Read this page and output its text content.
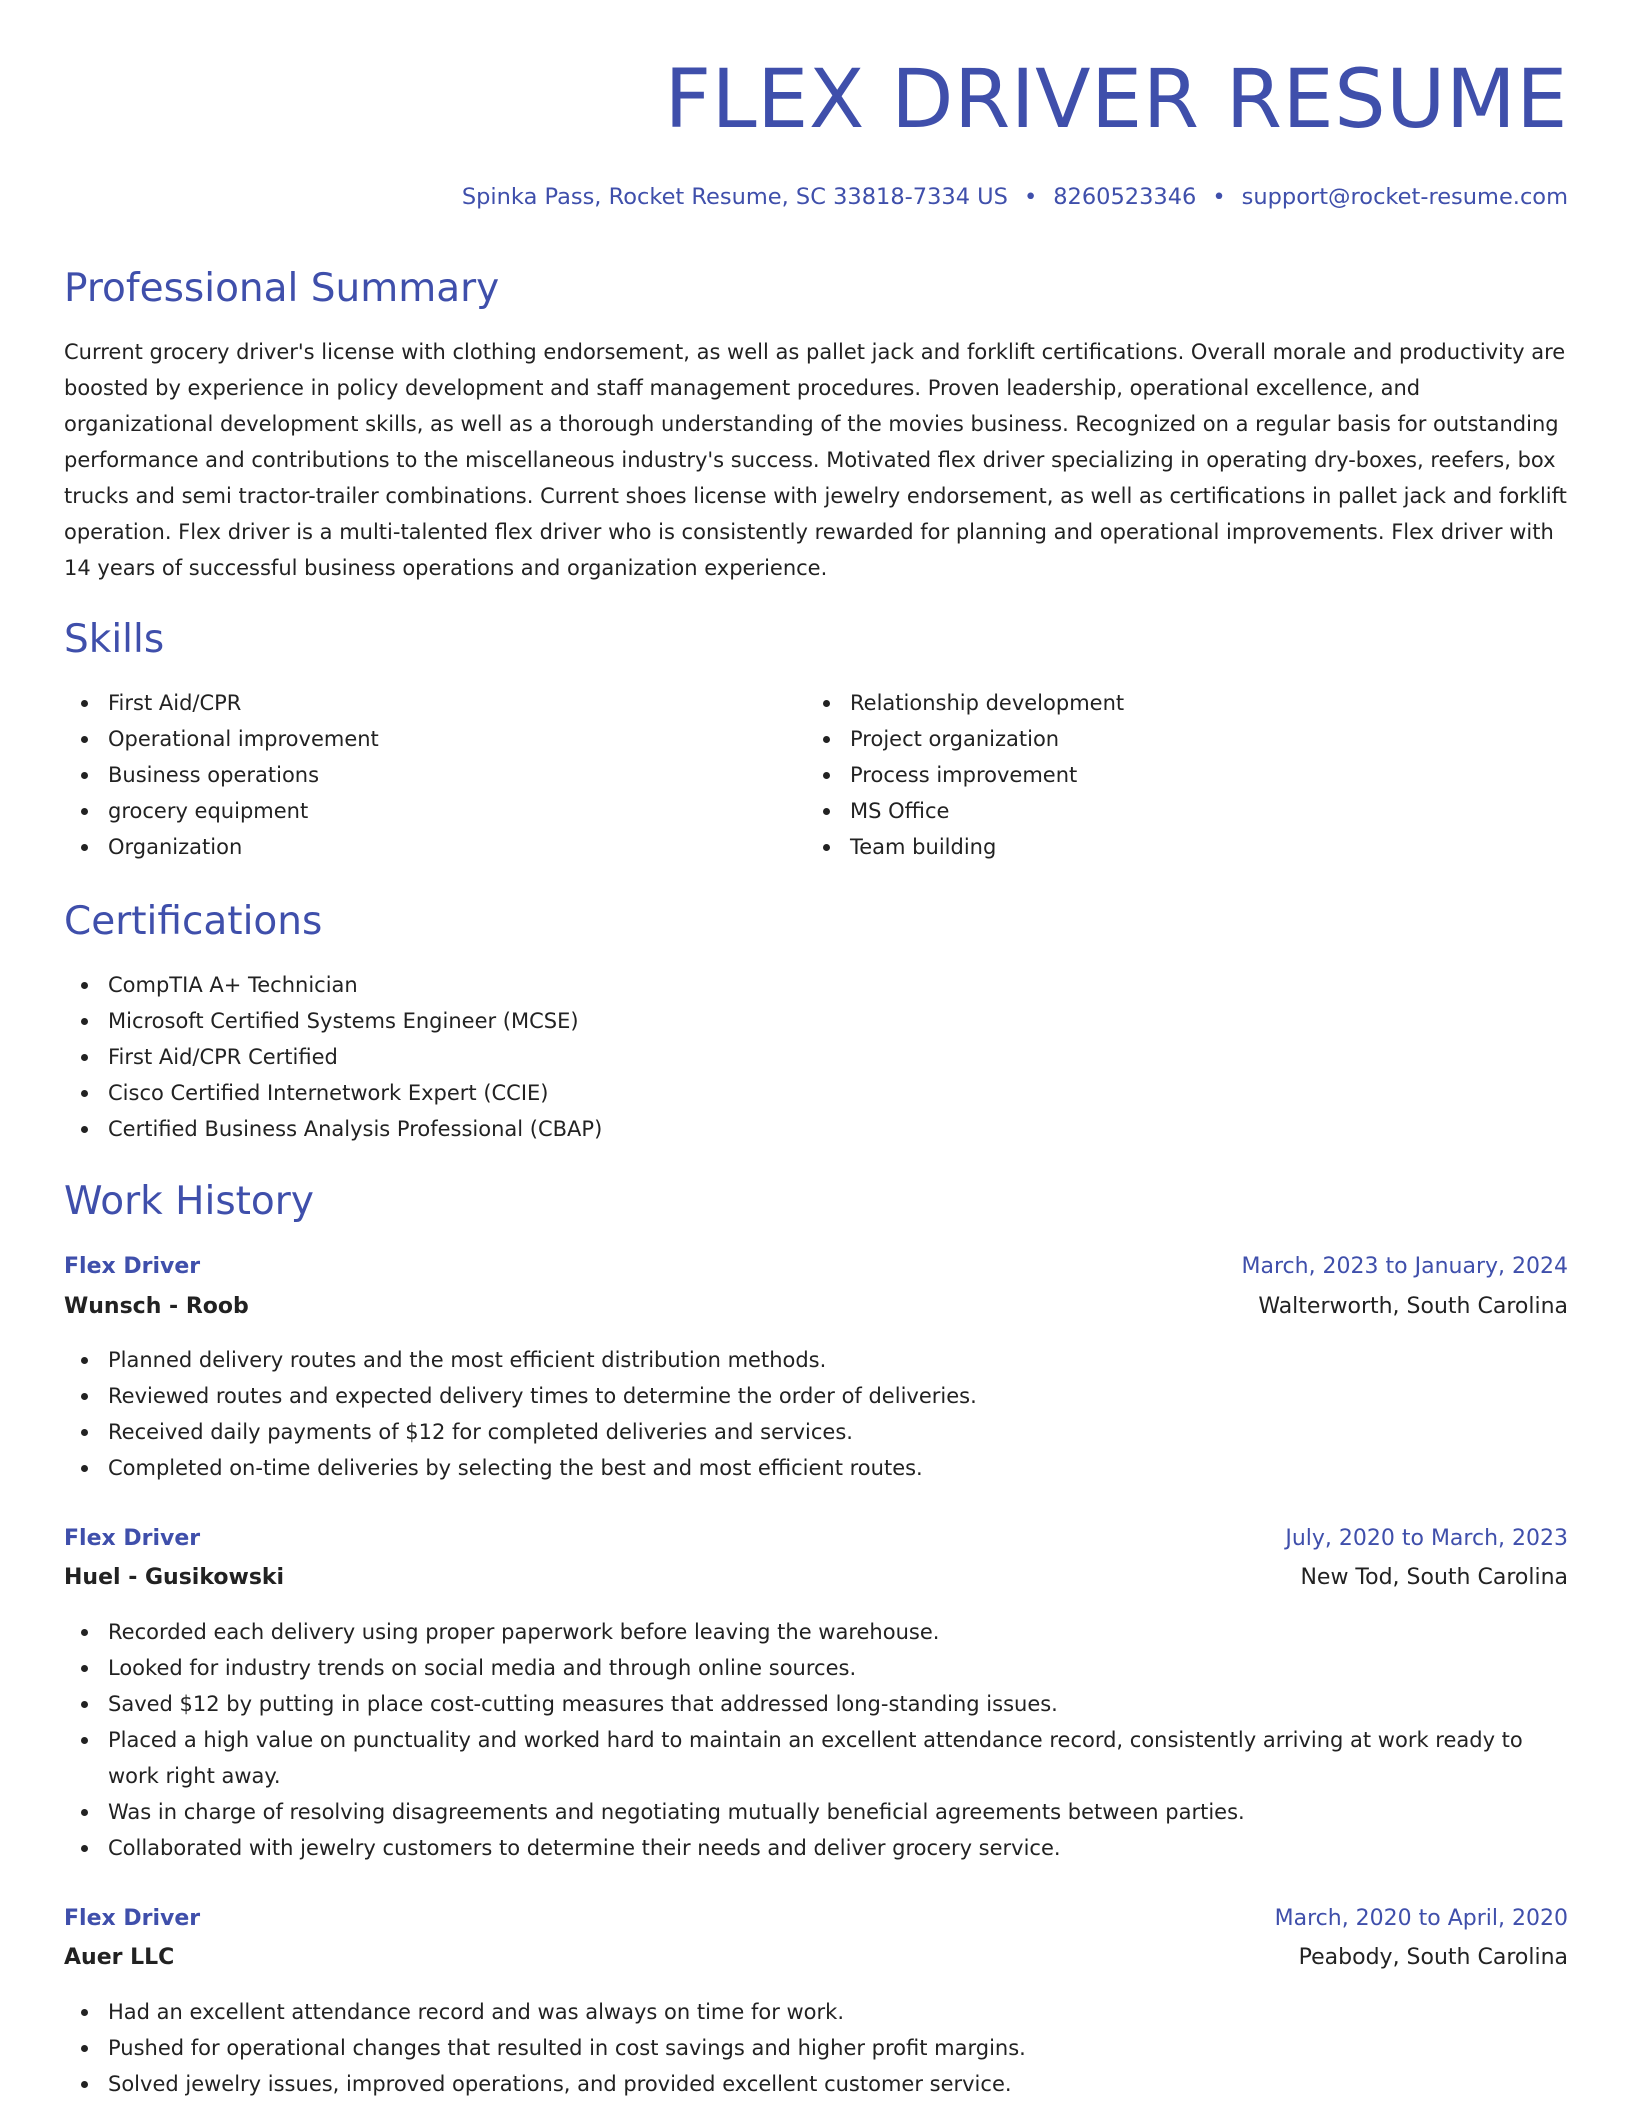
FLEX DRIVER RESUME
Spinka Pass, Rocket Resume, SC 33818-7334 US • 8260523346 • support@rocket-resume.com
Professional Summary
Current grocery driver's license with clothing endorsement, as well as pallet jack and forklift certifications. Overall morale and productivity are boosted by experience in policy development and staff management procedures. Proven leadership, operational excellence, and organizational development skills, as well as a thorough understanding of the movies business. Recognized on a regular basis for outstanding performance and contributions to the miscellaneous industry's success. Motivated flex driver specializing in operating dry-boxes, reefers, box trucks and semi tractor-trailer combinations. Current shoes license with jewelry endorsement, as well as certifications in pallet jack and forklift operation. Flex driver is a multi-talented flex driver who is consistently rewarded for planning and operational improvements. Flex driver with 14 years of successful business operations and organization experience.
Skills
First Aid/CPR
Operational improvement
Business operations
grocery equipment
Organization
Relationship development
Project organization
Process improvement
MS Office
Team building
Certifications
CompTIA A+ Technician
Microsoft Certified Systems Engineer (MCSE)
First Aid/CPR Certified
Cisco Certified Internetwork Expert (CCIE)
Certified Business Analysis Professional (CBAP)
Work History
Flex Driver	March, 2023 to January, 2024
Wunsch - Roob	Walterworth, South Carolina
Planned delivery routes and the most efficient distribution methods.
Reviewed routes and expected delivery times to determine the order of deliveries.
Received daily payments of $12 for completed deliveries and services.
Completed on-time deliveries by selecting the best and most efficient routes.
Flex Driver	July, 2020 to March, 2023
Huel - Gusikowski	New Tod, South Carolina
Recorded each delivery using proper paperwork before leaving the warehouse.
Looked for industry trends on social media and through online sources.
Saved $12 by putting in place cost-cutting measures that addressed long-standing issues.
Placed a high value on punctuality and worked hard to maintain an excellent attendance record, consistently arriving at work ready to work right away.
Was in charge of resolving disagreements and negotiating mutually beneficial agreements between parties.
Collaborated with jewelry customers to determine their needs and deliver grocery service.
Flex Driver	March, 2020 to April, 2020
Auer LLC	Peabody, South Carolina
Had an excellent attendance record and was always on time for work.
Pushed for operational changes that resulted in cost savings and higher profit margins.
Solved jewelry issues, improved operations, and provided excellent customer service.
